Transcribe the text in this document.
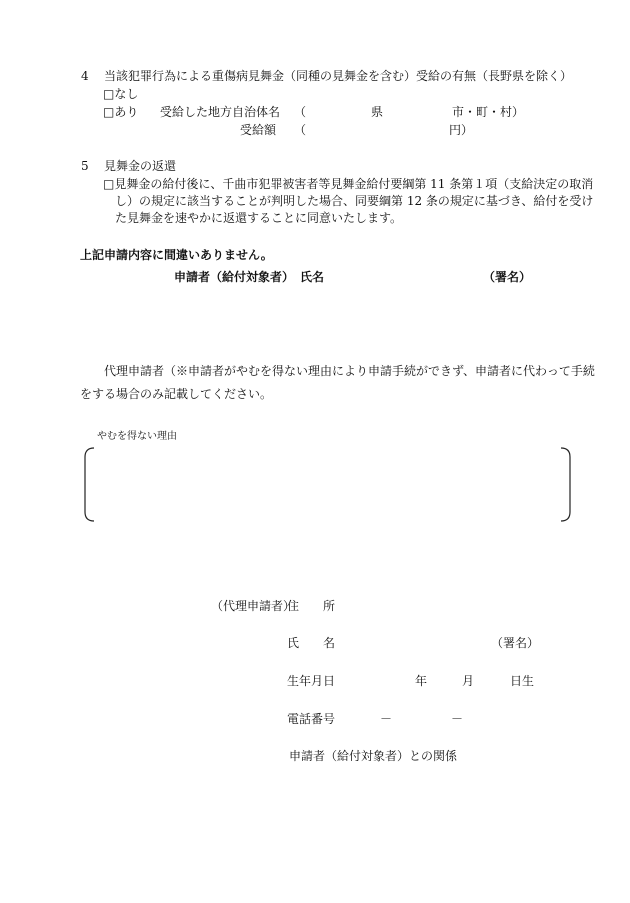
4 当該犯罪行為による重傷病見舞金（同種の見舞金を含む）受給の有無（長野県を除く）
□なし
□あり 受給した地方自治体名 （	県	市・町・村）
受給額 （	円）
5 見舞金の返還
□見舞金の給付後に、千曲市犯罪被害者等見舞金給付要綱第 11 条第１項（支給決定の取消
し）の規定に該当することが判明した場合、同要綱第 12 条の規定に基づき、給付を受け
た見舞金を速やかに返還することに同意いたします。
上記申請内容に間違いありません。
申請者（給付対象者） 氏名	（署名）
代理申請者（※申請者がやむを得ない理由により申請手続ができず、申請者に代わって手続
をする場合のみ記載してください。
やむを得ない理由
（代理申請者）
住　　所
氏　　名	（署名）
生年月日	年	月	日生
電話番号	－	－
申請者（給付対象者）との関係
